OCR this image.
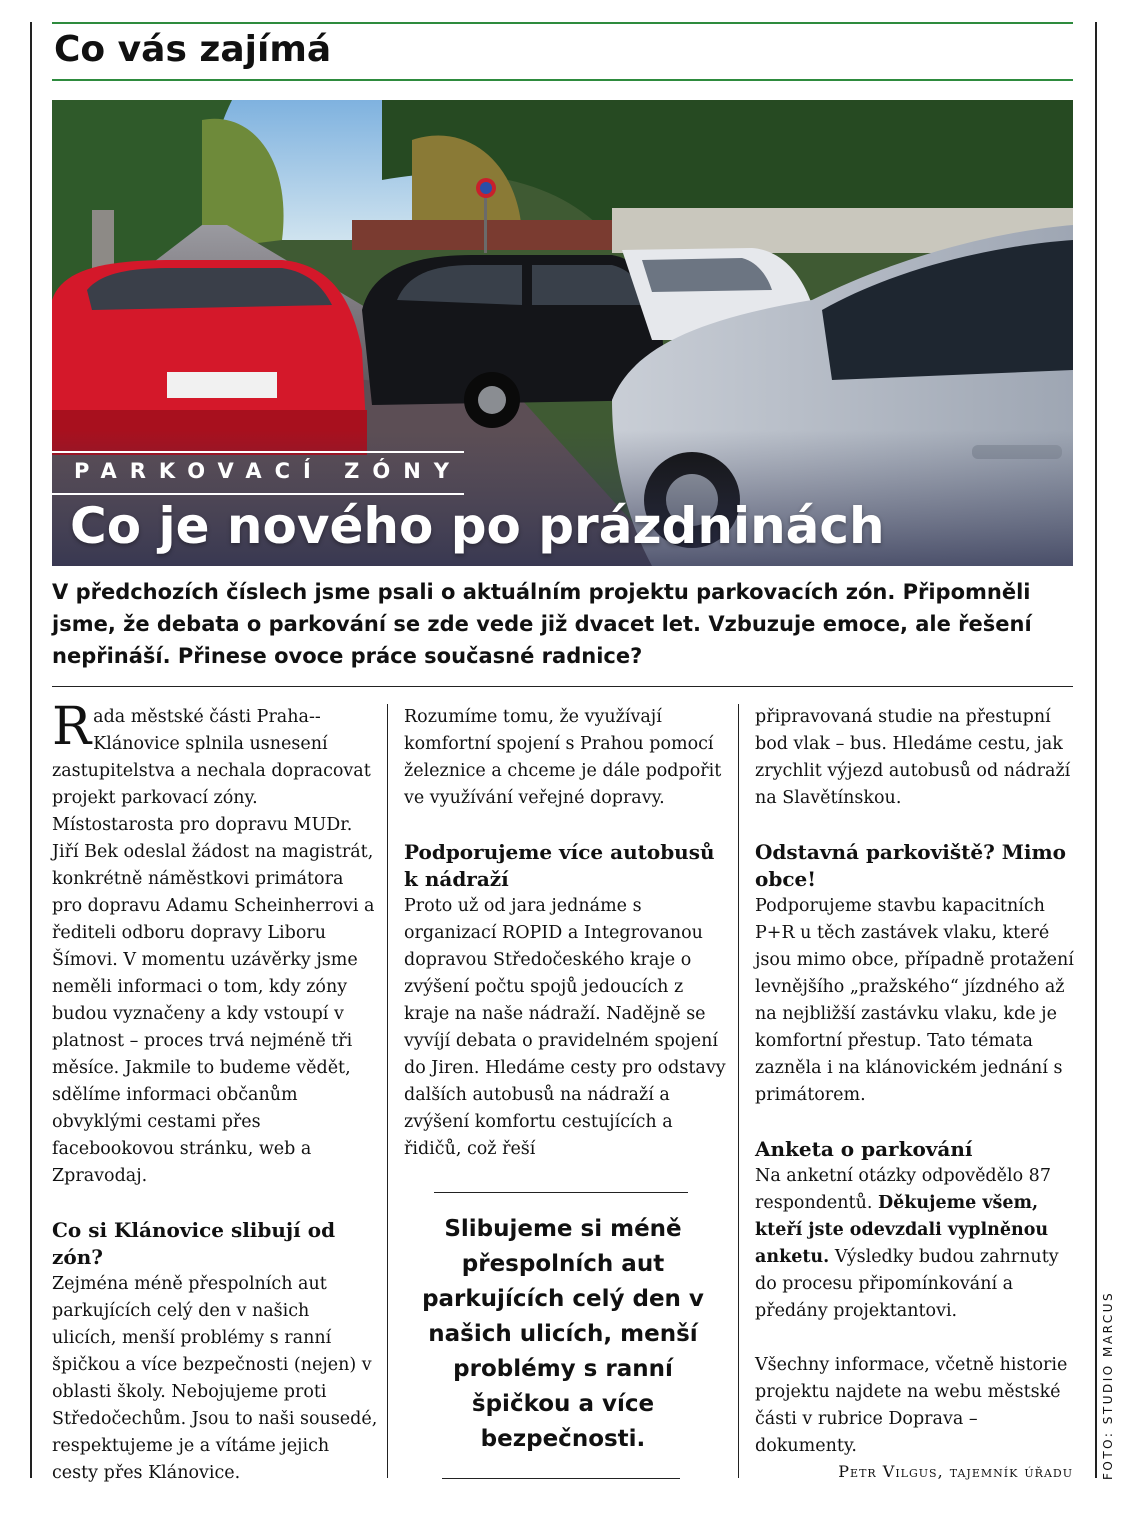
Co vás zajímá
PARKOVACÍ ZÓNY
Co je nového po prázdninách
V předchozích číslech jsme psali o aktuálním projektu parkovacích zón. Připomněli jsme, že debata o parkování se zde vede již dvacet let. Vzbuzuje emoce, ale řešení nepřináší. Přinese ovoce práce současné radnice?

Rada městské části Praha--Klánovice splnila usnesení zastupitelstva a nechala dopracovat projekt parkovací zóny. Místostarosta pro dopravu MUDr. Jiří Bek odeslal žádost na magistrát, konkrétně náměstkovi primátora pro dopravu Adamu Scheinherrovi a řediteli odboru dopravy Liboru Šímovi. V momentu uzávěrky jsme neměli informaci o tom, kdy zóny budou vyznačeny a kdy vstoupí v platnost – proces trvá nejméně tři měsíce. Jakmile to budeme vědět, sdělíme informaci občanům obvyklými cestami přes facebookovou stránku, web a Zpravodaj.

Co si Klánovice slibují od zón?

Zejména méně přespolních aut parkujících celý den v našich ulicích, menší problémy s ranní špičkou a více bezpečnosti (nejen) v oblasti školy. Nebojujeme proti Středočechům. Jsou to naši sousedé, respektujeme je a vítáme jejich cesty přes Klánovice.

Rozumíme tomu, že využívají komfortní spojení s Prahou pomocí železnice a chceme je dále podpořit ve využívání veřejné dopravy.

Podporujeme více autobusů k nádraží

Proto už od jara jednáme s organizací ROPID a Integrovanou dopravou Středočeského kraje o zvýšení počtu spojů jedoucích z kraje na naše nádraží. Nadějně se vyvíjí debata o pravidelném spojení do Jiren. Hledáme cesty pro odstavy dalších autobusů na nádraží a zvýšení komfortu cestujících a řidičů, což řeší

Slibujeme si méně přespolních aut parkujících celý den v našich ulicích, menší problémy s ranní špičkou a více bezpečnosti.

připravovaná studie na přestupní bod vlak – bus. Hledáme cestu, jak zrychlit výjezd autobusů od nádraží na Slavětínskou.

Odstavná parkoviště? Mimo obce!

Podporujeme stavbu kapacitních P+R u těch zastávek vlaku, které jsou mimo obce, případně protažení levnějšího „pražského“ jízdného až na nejbližší zastávku vlaku, kde je komfortní přestup. Tato témata zazněla i na klánovickém jednání s primátorem.

Anketa o parkování

Na anketní otázky odpovědělo 87 respondentů. Děkujeme všem, kteří jste odevzdali vyplněnou anketu. Výsledky budou zahrnuty do procesu připomínkování a předány projektantovi.

Všechny informace, včetně historie projektu najdete na webu městské části v rubrice Doprava – dokumenty.

Petr Vilgus, tajemník úřadu FOTO: STUDIO MARCUS
